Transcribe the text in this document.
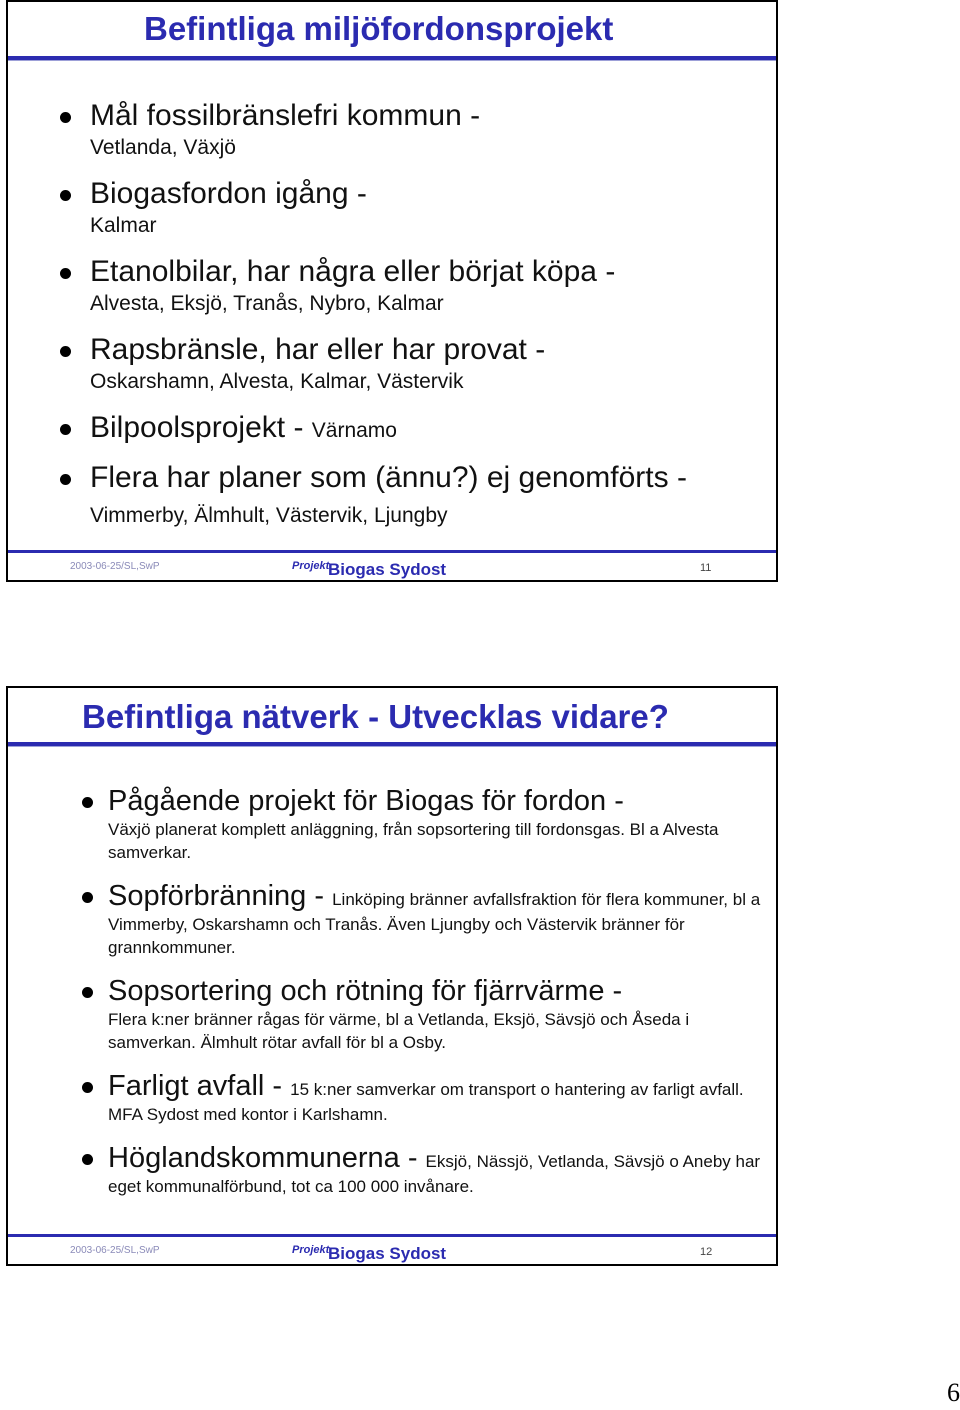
Befintliga miljöfordonsprojekt
Mål fossilbränslefri kommun -
Vetlanda, Växjö
Biogasfordon igång -
Kalmar
Etanolbilar, har några eller börjat köpa -
Alvesta, Eksjö, Tranås, Nybro, Kalmar
Rapsbränsle, har eller har provat -
Oskarshamn, Alvesta, Kalmar, Västervik
Bilpoolsprojekt - Värnamo
Flera har planer som (ännu?) ej genomförts -
Vimmerby, Älmhult, Västervik, Ljungby
2003-06-25/SL,SwP	Projekt
Biogas Sydost	11
Befintliga nätverk - Utvecklas vidare?
Pågående projekt för Biogas för fordon -
Växjö planerat komplett anläggning, från sopsortering till fordonsgas. Bl a Alvesta samverkar.
Sopförbränning - Linköping bränner avfallsfraktion för flera kommuner, bl a Vimmerby, Oskarshamn och Tranås. Även Ljungby och Västervik bränner för grannkommuner.
Sopsortering och rötning för fjärrvärme -
Flera k:ner bränner rågas för värme, bl a Vetlanda, Eksjö, Sävsjö och Åseda i samverkan. Älmhult rötar avfall för bl a Osby.
Farligt avfall - 15 k:ner samverkar om transport o hantering av farligt avfall. MFA Sydost med kontor i Karlshamn.
Höglandskommunerna - Eksjö, Nässjö, Vetlanda, Sävsjö o Aneby har eget kommunalförbund, tot ca 100 000 invånare.
2003-06-25/SL,SwP	Projekt
Biogas Sydost	12
6
